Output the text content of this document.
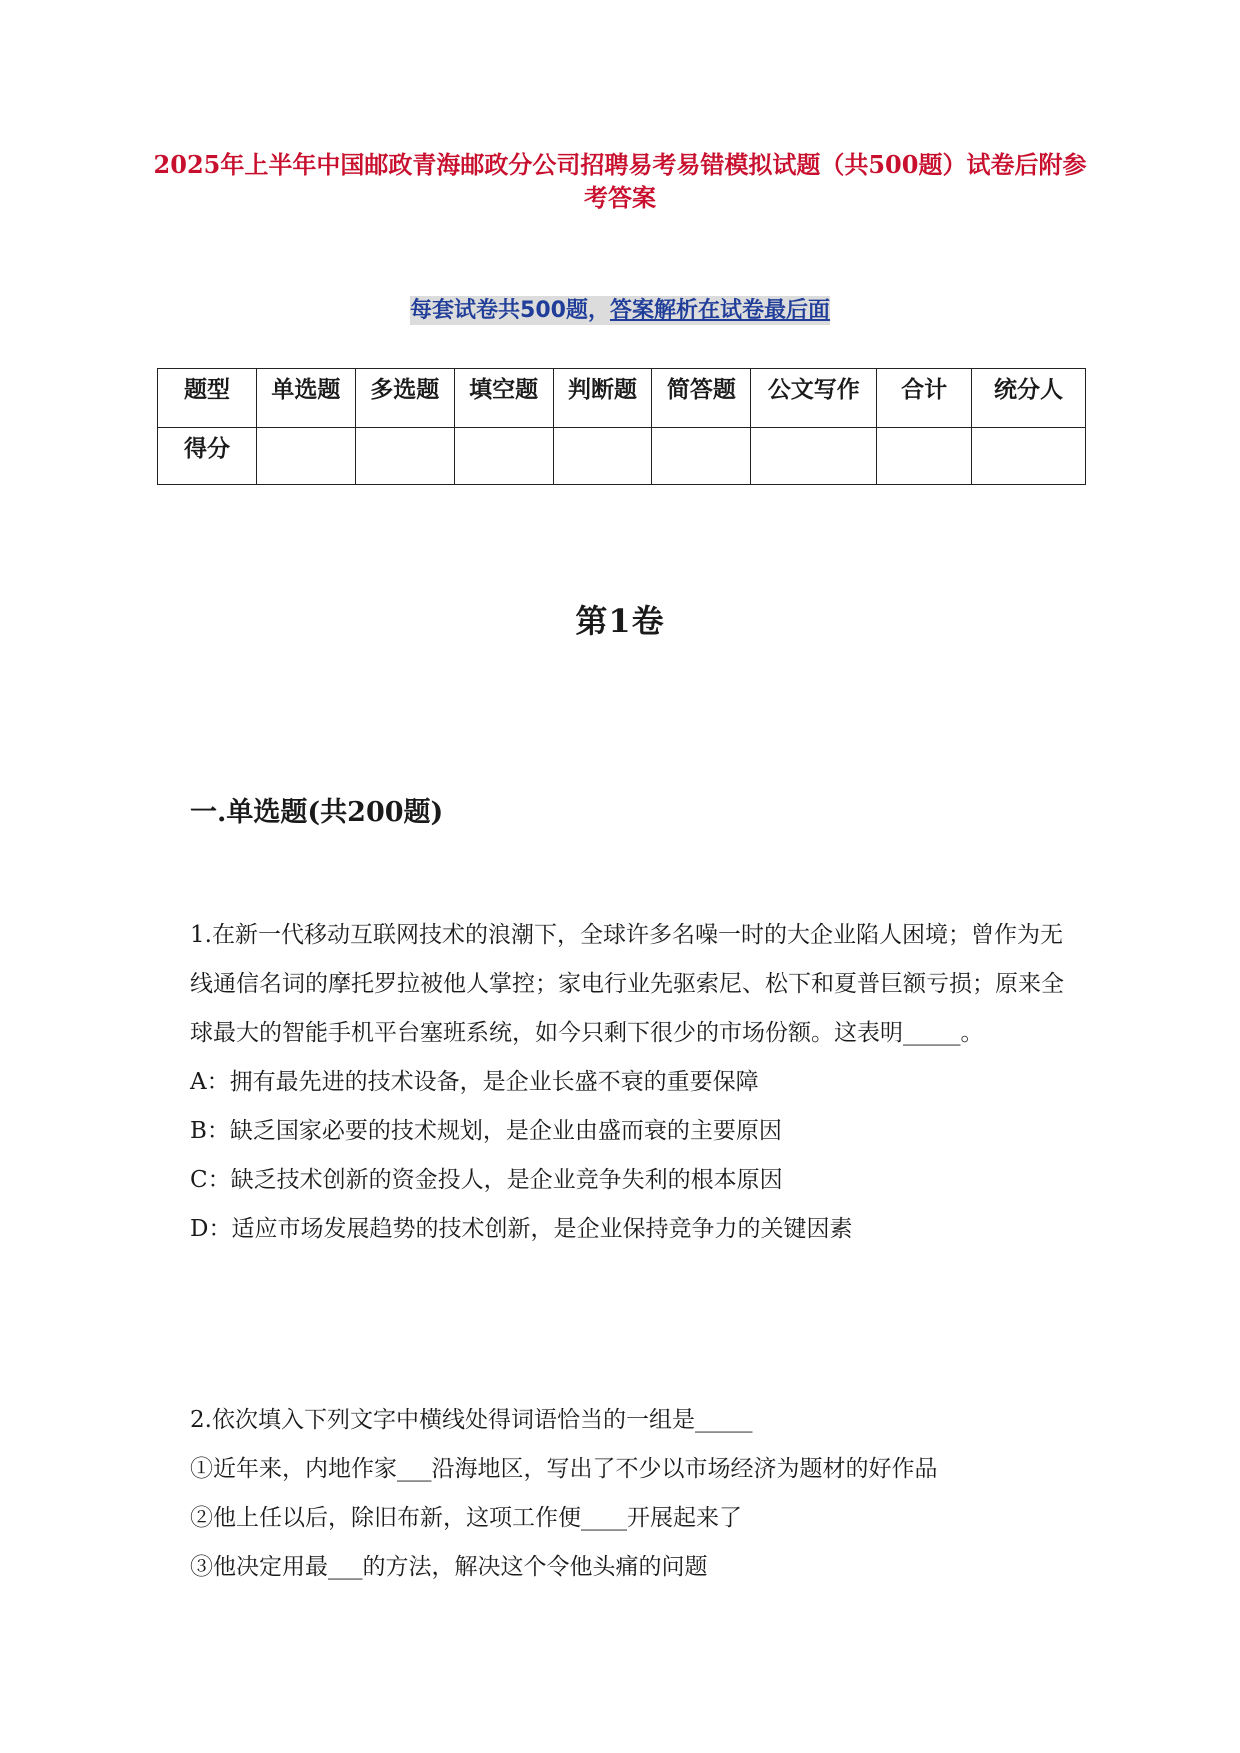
2025年上半年中国邮政青海邮政分公司招聘易考易错模拟试题（共500题）试卷后附参考答案
每套试卷共500题，答案解析在试卷最后面
题型	单选题	多选题	填空题	判断题	简答题	公文写作	合计	统分人
得分								
第1卷
一.单选题(共200题)

1.在新一代移动互联网技术的浪潮下，全球许多名噪一时的大企业陷人困境；曾作为无线通信名词的摩托罗拉被他人掌控；家电行业先驱索尼、松下和夏普巨额亏损；原来全球最大的智能手机平台塞班系统，如今只剩下很少的市场份额。这表明_____。

A：拥有最先进的技术设备，是企业长盛不衰的重要保障

B：缺乏国家必要的技术规划，是企业由盛而衰的主要原因

C：缺乏技术创新的资金投人，是企业竞争失利的根本原因

D：适应市场发展趋势的技术创新，是企业保持竞争力的关键因素

2.依次填入下列文字中横线处得词语恰当的一组是_____

①近年来，内地作家___沿海地区，写出了不少以市场经济为题材的好作品

②他上任以后，除旧布新，这项工作便____开展起来了

③他决定用最___的方法，解决这个令他头痛的问题
